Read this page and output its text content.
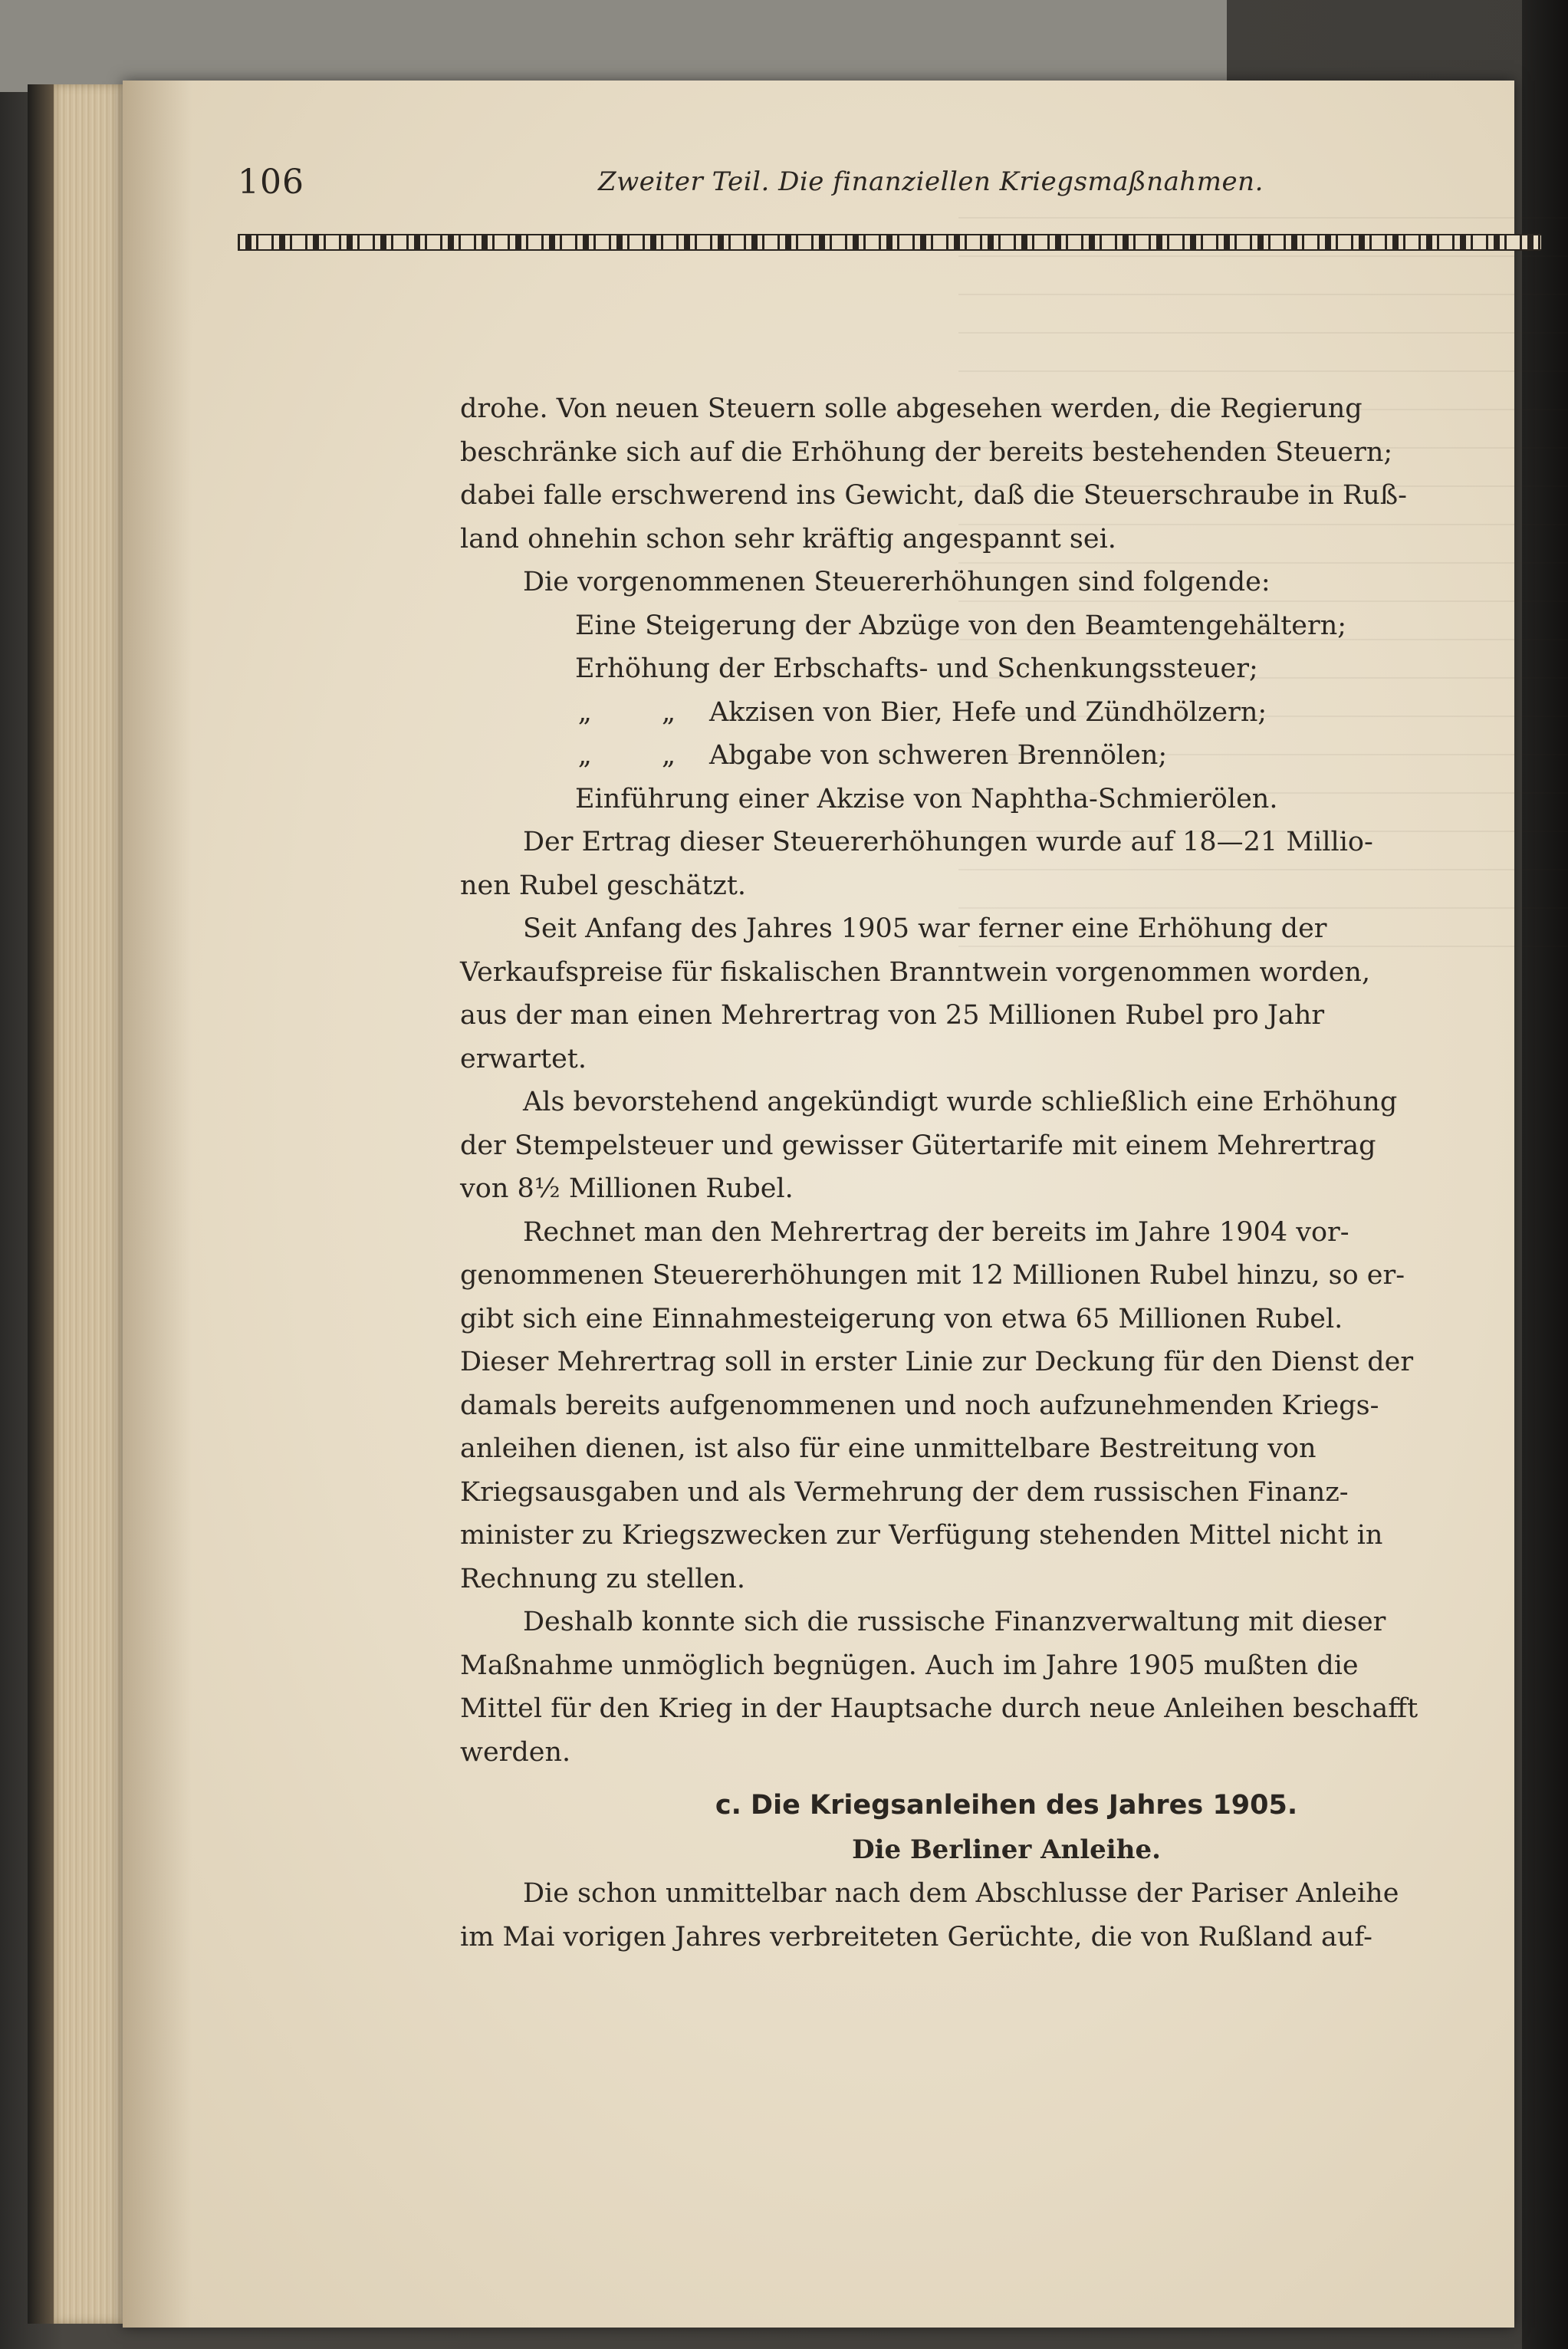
106	Zweiter Teil. Die finanziellen Kriegsmaßnahmen.
drohe. Von neuen Steuern solle abgesehen werden, die Regierung
beschränke sich auf die Erhöhung der bereits bestehenden Steuern;
dabei falle erschwerend ins Gewicht, daß die Steuerschraube in Ruß-
land ohnehin schon sehr kräftig angespannt sei.
Die vorgenommenen Steuererhöhungen sind folgende:
Eine Steigerung der Abzüge von den Beamtengehältern;
Erhöhung der Erbschafts- und Schenkungssteuer;
„ „ Akzisen von Bier, Hefe und Zündhölzern;
„ „ Abgabe von schweren Brennölen;
Einführung einer Akzise von Naphtha-Schmierölen.
Der Ertrag dieser Steuererhöhungen wurde auf 18—21 Millio-
nen Rubel geschätzt.
Seit Anfang des Jahres 1905 war ferner eine Erhöhung der
Verkaufspreise für fiskalischen Branntwein vorgenommen worden,
aus der man einen Mehrertrag von 25 Millionen Rubel pro Jahr
erwartet.
Als bevorstehend angekündigt wurde schließlich eine Erhöhung
der Stempelsteuer und gewisser Gütertarife mit einem Mehrertrag
von 8½ Millionen Rubel.
Rechnet man den Mehrertrag der bereits im Jahre 1904 vor-
genommenen Steuererhöhungen mit 12 Millionen Rubel hinzu, so er-
gibt sich eine Einnahmesteigerung von etwa 65 Millionen Rubel.
Dieser Mehrertrag soll in erster Linie zur Deckung für den Dienst der
damals bereits aufgenommenen und noch aufzunehmenden Kriegs-
anleihen dienen, ist also für eine unmittelbare Bestreitung von
Kriegsausgaben und als Vermehrung der dem russischen Finanz-
minister zu Kriegszwecken zur Verfügung stehenden Mittel nicht in
Rechnung zu stellen.
Deshalb konnte sich die russische Finanzverwaltung mit dieser
Maßnahme unmöglich begnügen. Auch im Jahre 1905 mußten die
Mittel für den Krieg in der Hauptsache durch neue Anleihen beschafft
werden.
c. Die Kriegsanleihen des Jahres 1905.
Die Berliner Anleihe.
Die schon unmittelbar nach dem Abschlusse der Pariser Anleihe
im Mai vorigen Jahres verbreiteten Gerüchte, die von Rußland auf-
